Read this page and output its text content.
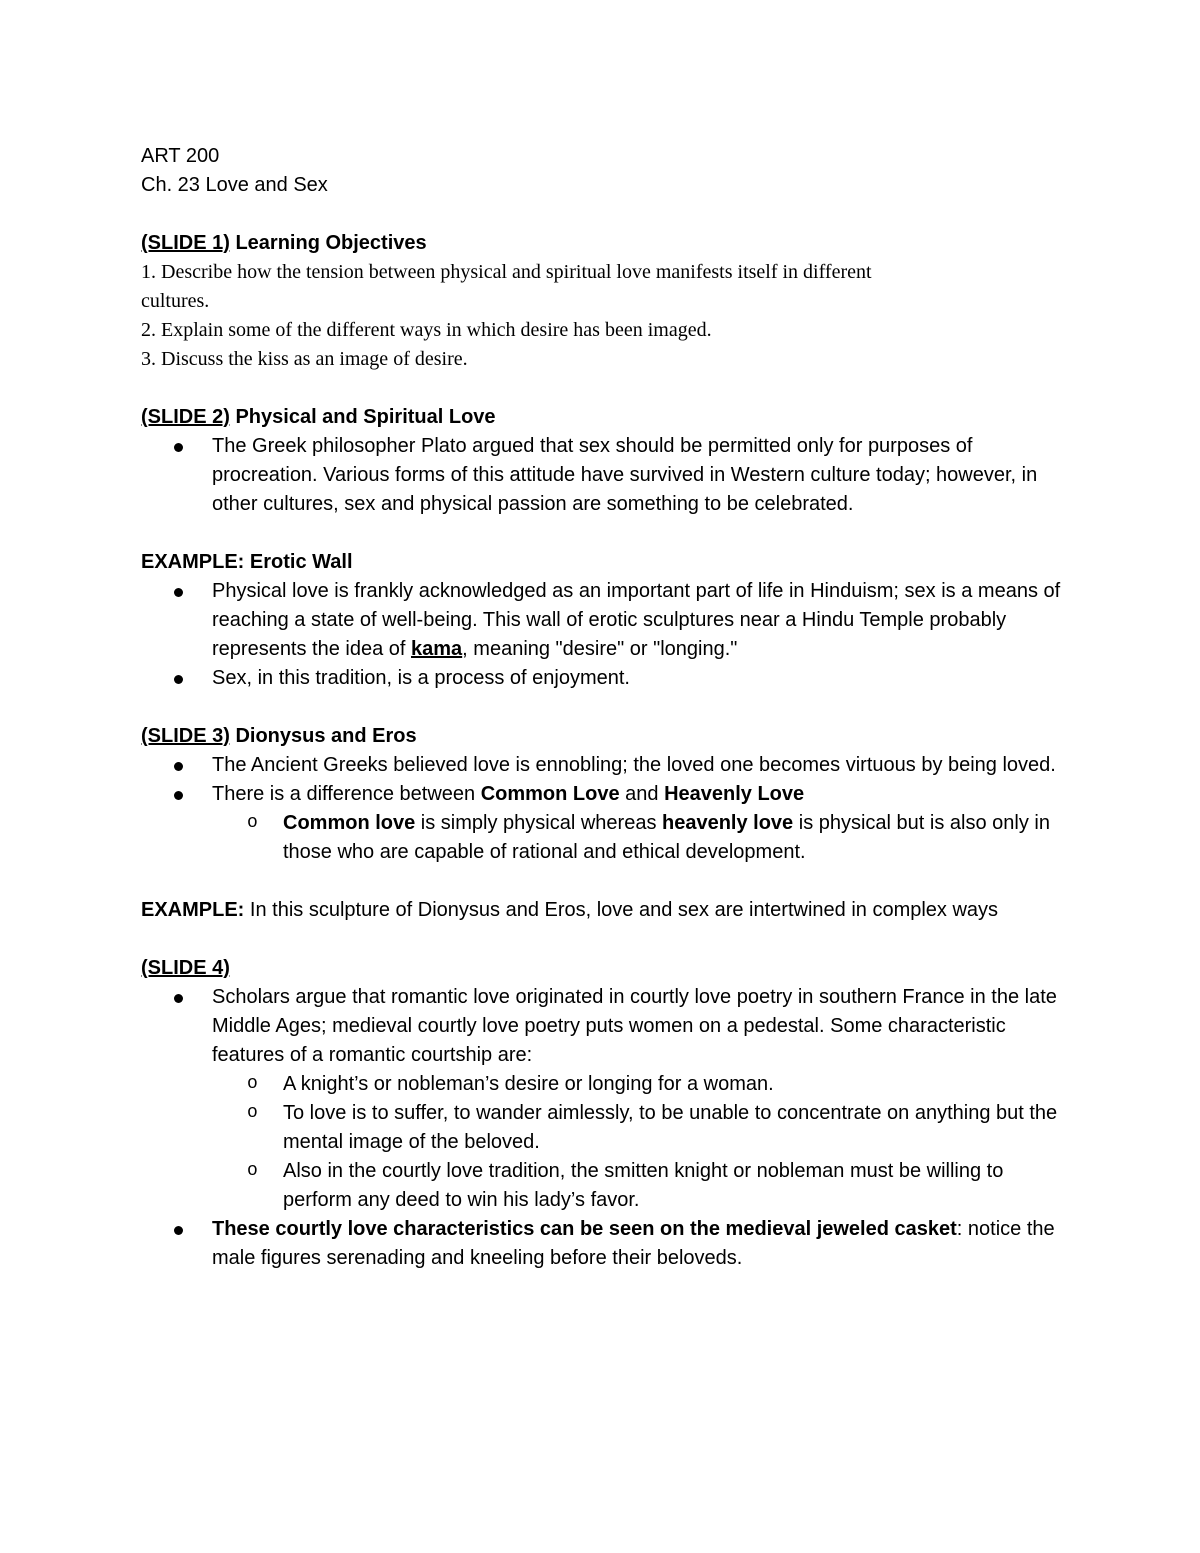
ART 200
Ch. 23 Love and Sex
(SLIDE 1) Learning Objectives
1. Describe how the tension between physical and spiritual love manifests itself in different
cultures.
2. Explain some of the different ways in which desire has been imaged.
3. Discuss the kiss as an image of desire.
(SLIDE 2) Physical and Spiritual Love
The Greek philosopher Plato argued that sex should be permitted only for purposes of procreation. Various forms of this attitude have survived in Western culture today; however, in other cultures, sex and physical passion are something to be celebrated.
EXAMPLE: Erotic Wall
Physical love is frankly acknowledged as an important part of life in Hinduism; sex is a means of reaching a state of well-being. This wall of erotic sculptures near a Hindu Temple probably represents the idea of kama, meaning "desire" or "longing."
Sex, in this tradition, is a process of enjoyment.
(SLIDE 3) Dionysus and Eros
The Ancient Greeks believed love is ennobling; the loved one becomes virtuous by being loved.
There is a difference between Common Love and Heavenly Love
o Common love is simply physical whereas heavenly love is physical but is also only in those who are capable of rational and ethical development.
EXAMPLE: In this sculpture of Dionysus and Eros, love and sex are intertwined in complex ways
(SLIDE 4)
Scholars argue that romantic love originated in courtly love poetry in southern France in the late Middle Ages; medieval courtly love poetry puts women on a pedestal. Some characteristic features of a romantic courtship are:
o A knight’s or nobleman’s desire or longing for a woman.
o To love is to suffer, to wander aimlessly, to be unable to concentrate on anything but the mental image of the beloved.
o Also in the courtly love tradition, the smitten knight or nobleman must be willing to perform any deed to win his lady’s favor.
These courtly love characteristics can be seen on the medieval jeweled casket: notice the male figures serenading and kneeling before their beloveds.
